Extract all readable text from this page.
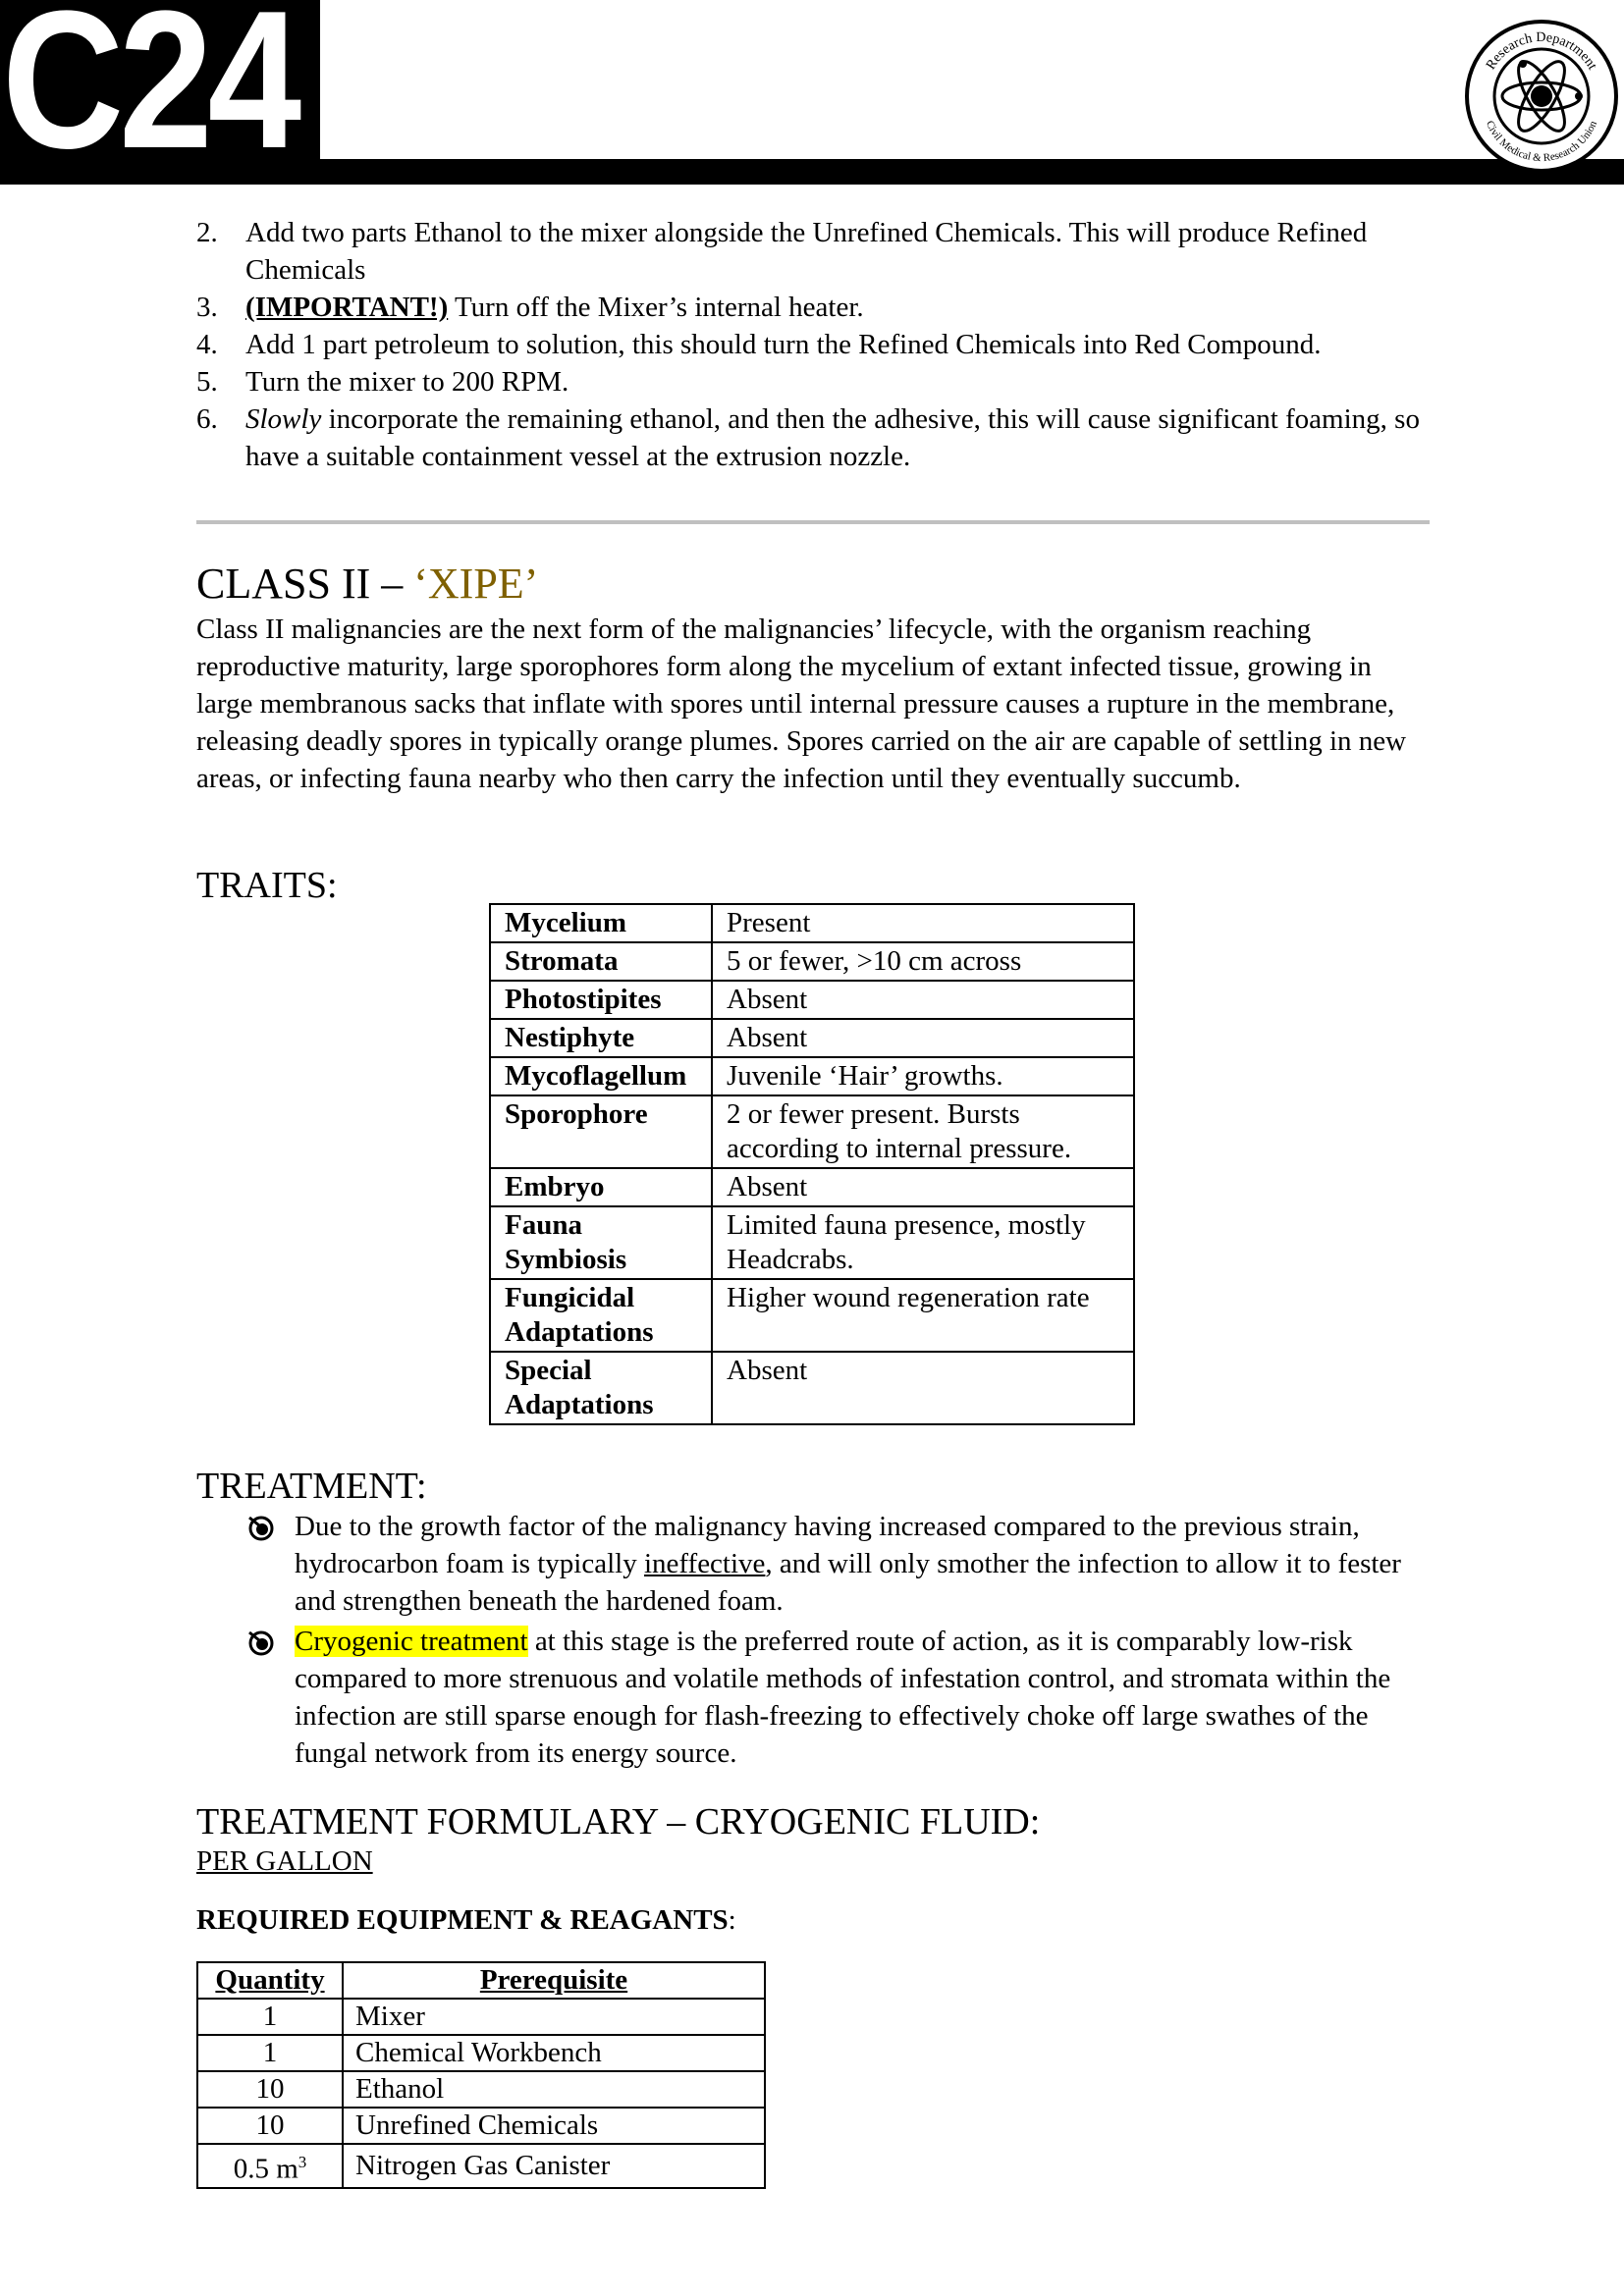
C24	Research Department
Civil Medical & Research Union
2. Add two parts Ethanol to the mixer alongside the Unrefined Chemicals. This will produce Refined Chemicals
3. (IMPORTANT!) Turn off the Mixer’s internal heater.
4. Add 1 part petroleum to solution, this should turn the Refined Chemicals into Red Compound.
5. Turn the mixer to 200 RPM.
6. Slowly incorporate the remaining ethanol, and then the adhesive, this will cause significant foaming, so have a suitable containment vessel at the extrusion nozzle.
CLASS II – ‘XIPE’
Class II malignancies are the next form of the malignancies’ lifecycle, with the organism reaching reproductive maturity, large sporophores form along the mycelium of extant infected tissue, growing in large membranous sacks that inflate with spores until internal pressure causes a rupture in the membrane, releasing deadly spores in typically orange plumes. Spores carried on the air are capable of settling in new areas, or infecting fauna nearby who then carry the infection until they eventually succumb.
TRAITS:
Mycelium	Present
Stromata	5 or fewer, >10 cm across
Photostipites	Absent
Nestiphyte	Absent
Mycoflagellum	Juvenile ‘Hair’ growths.
Sporophore	2 or fewer present. Bursts according to internal pressure.
Embryo	Absent
Fauna Symbiosis	Limited fauna presence, mostly Headcrabs.
Fungicidal Adaptations	Higher wound regeneration rate
Special Adaptations	Absent
TREATMENT:
Due to the growth factor of the malignancy having increased compared to the previous strain, hydrocarbon foam is typically ineffective, and will only smother the infection to allow it to fester and strengthen beneath the hardened foam.
Cryogenic treatment at this stage is the preferred route of action, as it is comparably low-risk compared to more strenuous and volatile methods of infestation control, and stromata within the infection are still sparse enough for flash-freezing to effectively choke off large swathes of the fungal network from its energy source.
TREATMENT FORMULARY – CRYOGENIC FLUID:
PER GALLON
REQUIRED EQUIPMENT & REAGANTS:
Quantity	Prerequisite
1	Mixer
1	Chemical Workbench
10	Ethanol
10	Unrefined Chemicals
0.5 $m^3$	Nitrogen Gas Canister
